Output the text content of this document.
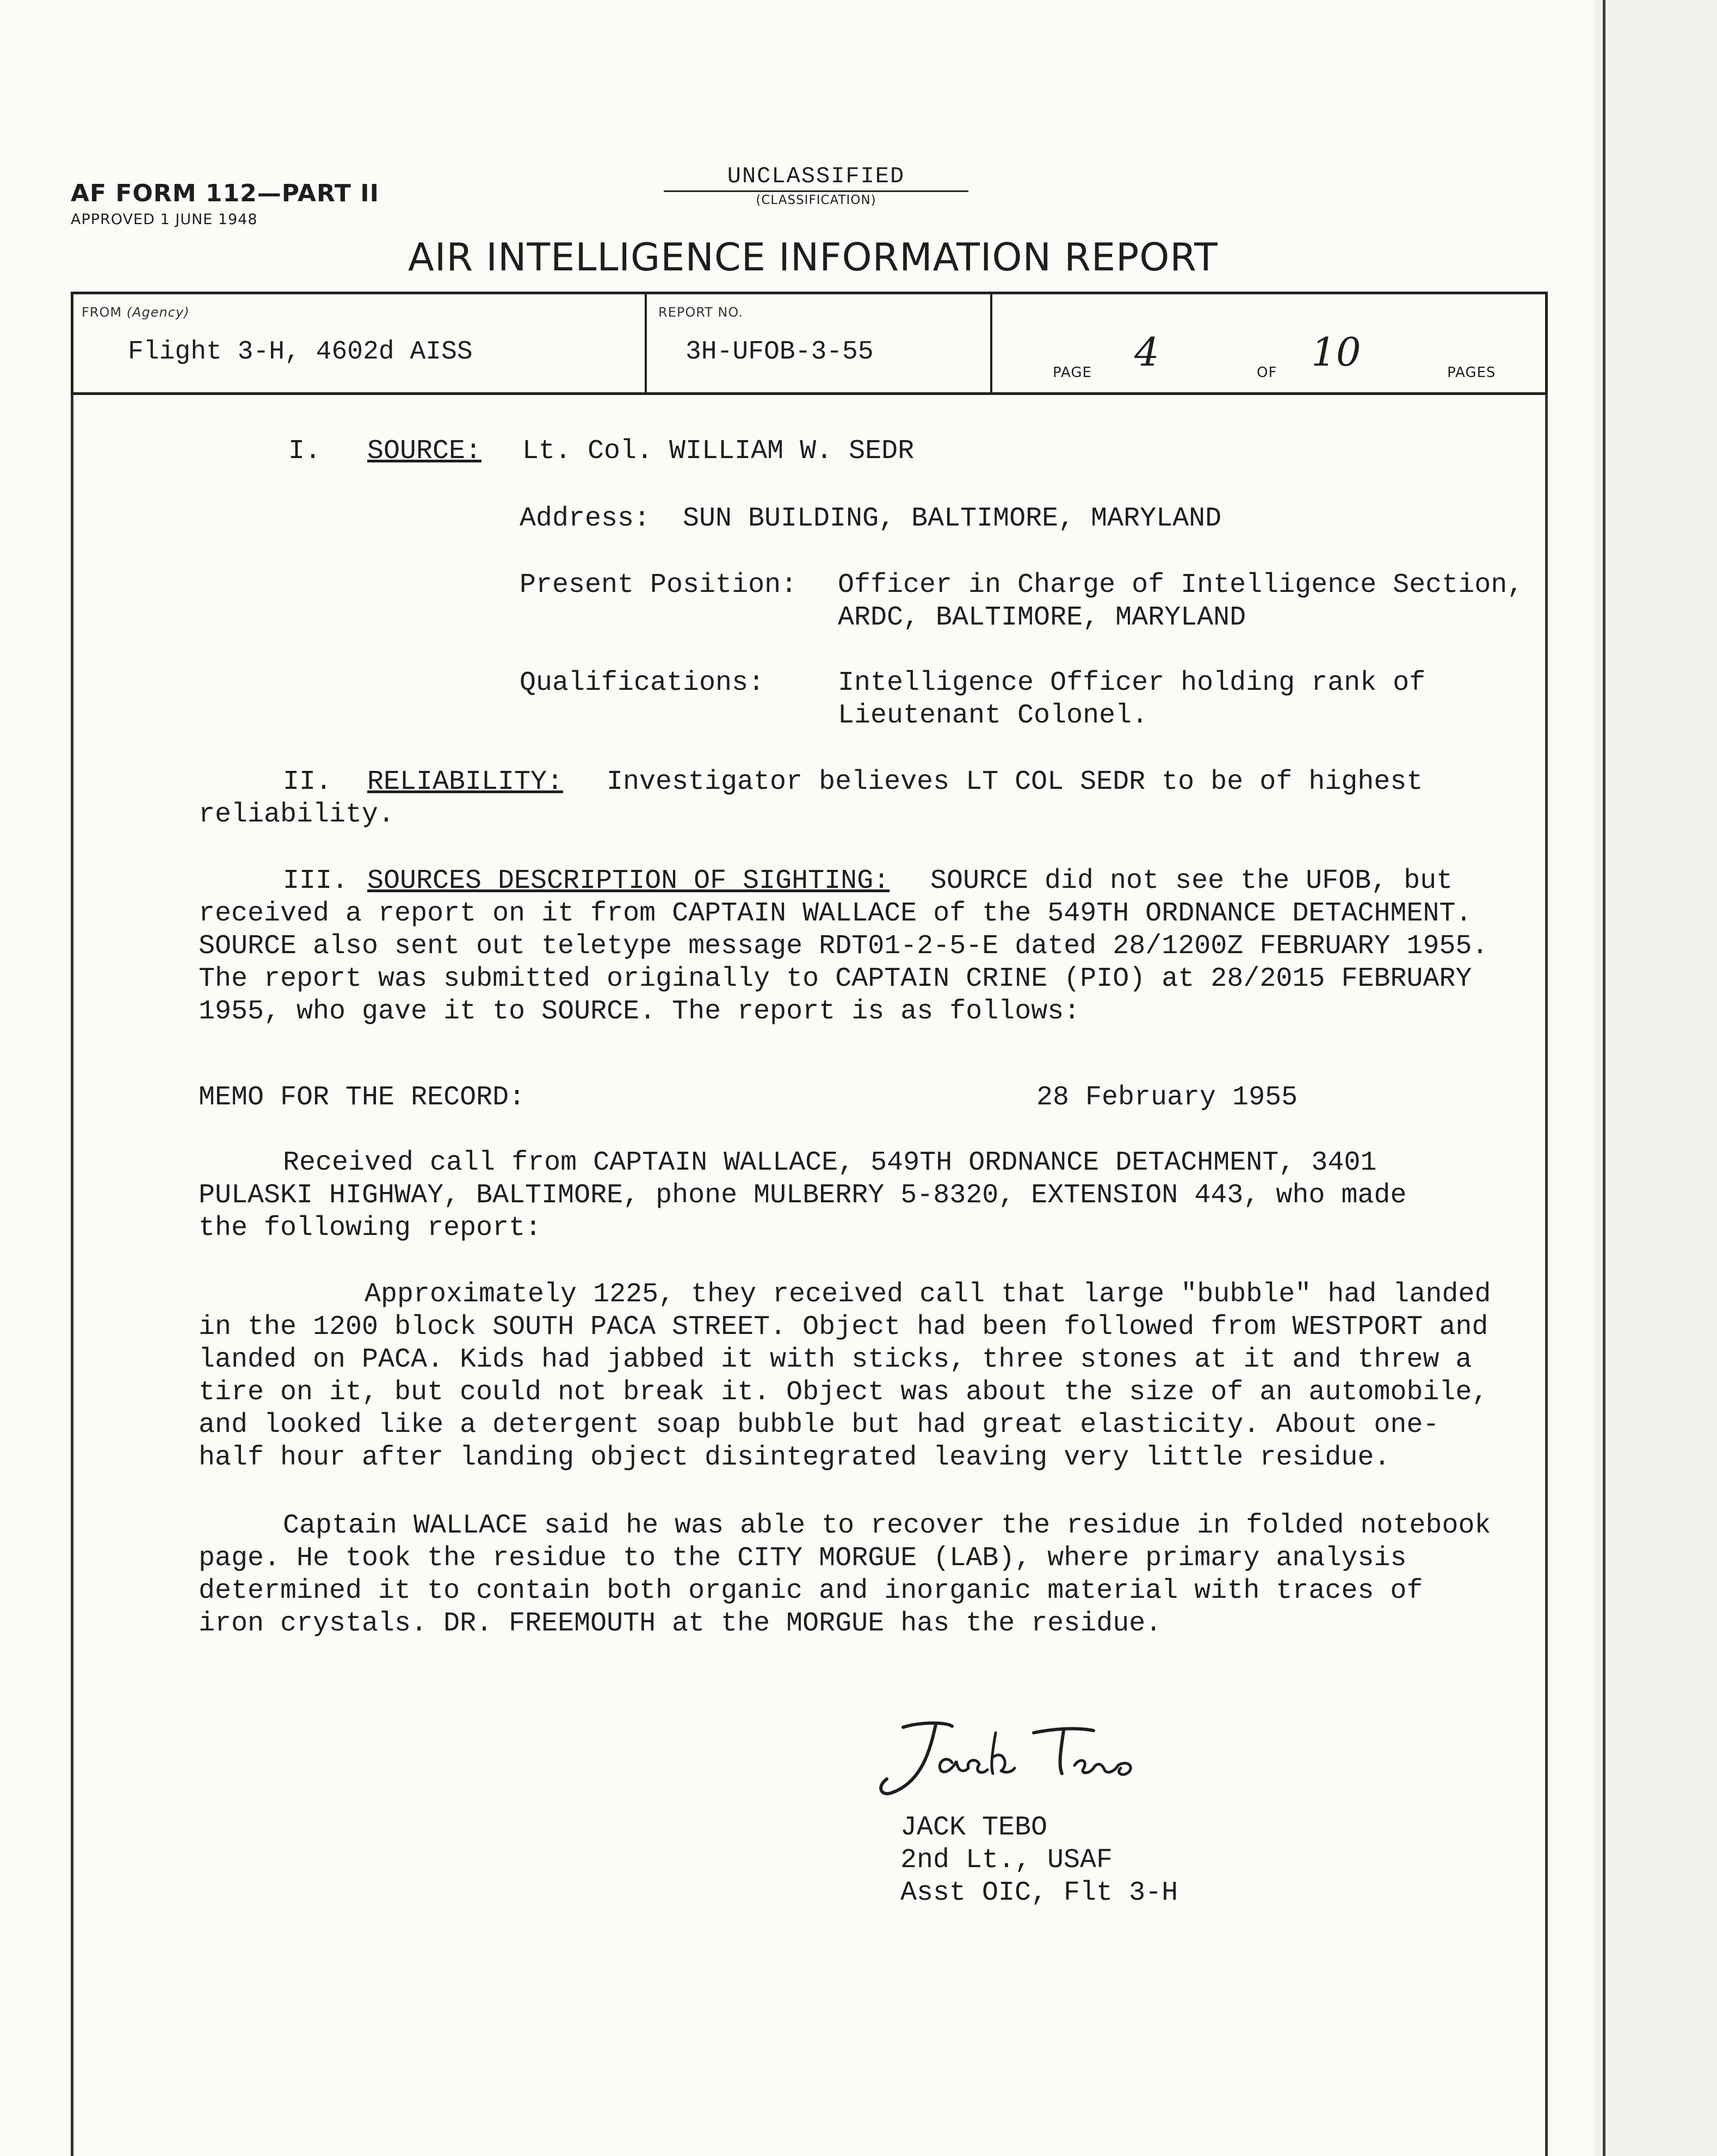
AF FORM 112—PART II
APPROVED 1 JUNE 1948
UNCLASSIFIED
(CLASSIFICATION)
AIR INTELLIGENCE INFORMATION REPORT
FROM (Agency)
Flight 3-H, 4602d AISS
REPORT NO.
3H-UFOB-3-55
PAGE 4	OF 10	PAGES
I. SOURCE: Lt. Col. WILLIAM W. SEDR
Address: SUN BUILDING, BALTIMORE, MARYLAND
Present Position: Officer in Charge of Intelligence Section,
ARDC, BALTIMORE, MARYLAND
Qualifications:	Intelligence Officer holding rank of
Lieutenant Colonel.
II. RELIABILITY: Investigator believes LT COL SEDR to be of highest
reliability.
III. SOURCES DESCRIPTION OF SIGHTING: SOURCE did not see the UFOB, but
received a report on it from CAPTAIN WALLACE of the 549TH ORDNANCE DETACHMENT.
SOURCE also sent out teletype message RDT01-2-5-E dated 28/1200Z FEBRUARY 1955.
The report was submitted originally to CAPTAIN CRINE (PIO) at 28/2015 FEBRUARY
1955, who gave it to SOURCE. The report is as follows:
MEMO FOR THE RECORD:	28 February 1955
Received call from CAPTAIN WALLACE, 549TH ORDNANCE DETACHMENT, 3401
PULASKI HIGHWAY, BALTIMORE, phone MULBERRY 5-8320, EXTENSION 443, who made
the following report:
Approximately 1225, they received call that large "bubble" had landed
in the 1200 block SOUTH PACA STREET. Object had been followed from WESTPORT and
landed on PACA. Kids had jabbed it with sticks, three stones at it and threw a
tire on it, but could not break it. Object was about the size of an automobile,
and looked like a detergent soap bubble but had great elasticity. About one-
half hour after landing object disintegrated leaving very little residue.
Captain WALLACE said he was able to recover the residue in folded notebook
page. He took the residue to the CITY MORGUE (LAB), where primary analysis
determined it to contain both organic and inorganic material with traces of
iron crystals. DR. FREEMOUTH at the MORGUE has the residue.
JACK TEBO
2nd Lt., USAF
Asst OIC, Flt 3-H
